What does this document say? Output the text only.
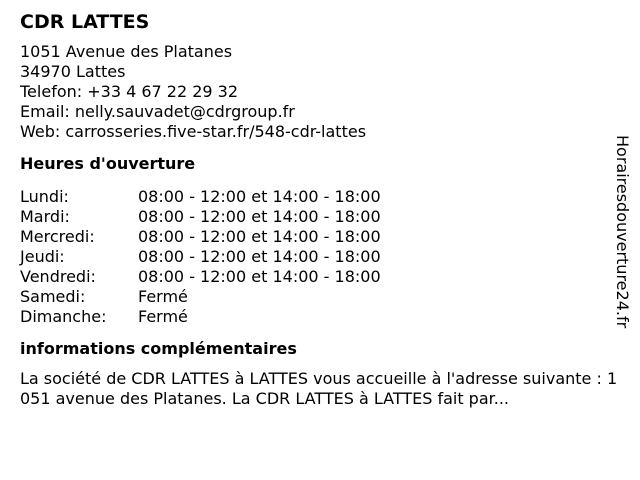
CDR LATTES
1051 Avenue des Platanes
34970 Lattes
Telefon: +33 4 67 22 29 32
Email: nelly.sauvadet@cdrgroup.fr
Web: carrosseries.five-star.fr/548-cdr-lattes
Heures d'ouverture
Lundi:	08:00 - 12:00 et 14:00 - 18:00
Mardi:	08:00 - 12:00 et 14:00 - 18:00
Mercredi:	08:00 - 12:00 et 14:00 - 18:00
Jeudi:	08:00 - 12:00 et 14:00 - 18:00
Vendredi:	08:00 - 12:00 et 14:00 - 18:00
Samedi:	Fermé
Dimanche:	Fermé
informations complémentaires
La société de CDR LATTES à LATTES vous accueille à l'adresse suivante : 1051 avenue des Platanes. La CDR LATTES à LATTES fait par...
Horairesdouverture24.fr
